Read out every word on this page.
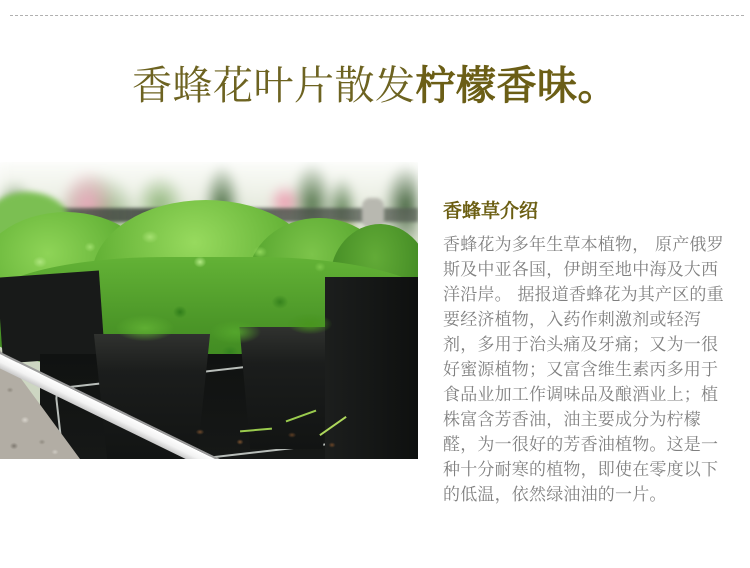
香蜂花叶片散发柠檬香味。
香蜂草介绍

香蜂花为多年生草本植物， 原产俄罗斯及中亚各国，伊朗至地中海及大西洋沿岸。 据报道香蜂花为其产区的重要经济植物，入药作刺激剂或轻泻剂，多用于治头痛及牙痛；又为一很好蜜源植物；又富含维生素丙多用于食品业加工作调味品及酿酒业上；植株富含芳香油，油主要成分为柠檬醛，为一很好的芳香油植物。这是一种十分耐寒的植物，即使在零度以下的低温，依然绿油油的一片。
